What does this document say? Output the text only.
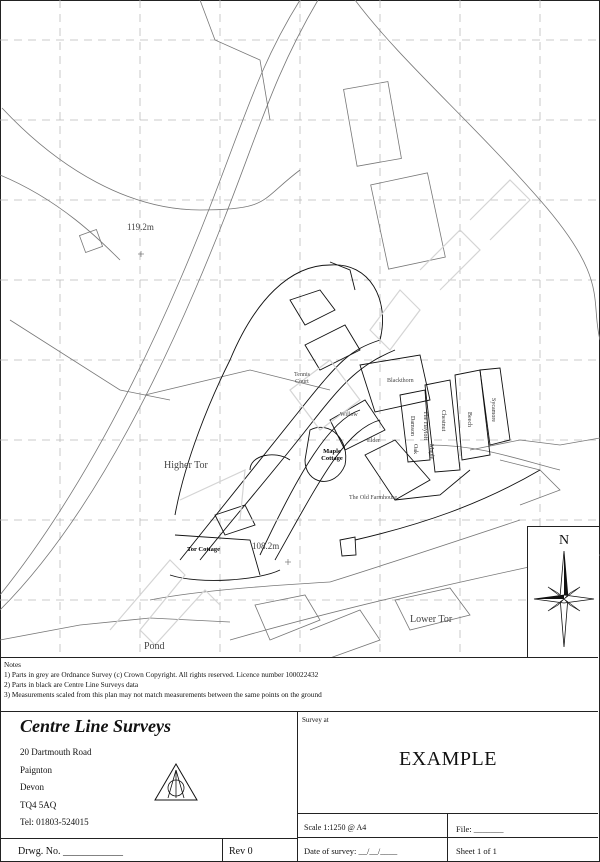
119.2m
108.2m
Higher Tor
Lower Tor
Pond
Tennis Court	Blackthorn
Willow
Elder
Maple Cottage
The Old Farmhouse
Tor Cottage
The Hayloft
Oak Maple
Damson	Chestnut	Beech	Sycamore
N
Notes
1) Parts in grey are Ordnance Survey (c) Crown Copyright. All rights reserved. Licence number 100022432
2) Parts in black are Centre Line Surveys data
3) Measurements scaled from this plan may not match measurements between the same points on the ground
Centre Line Surveys
20 Dartmouth Road
Paignton
Devon
TQ4 5AQ
Tel: 01803-524015
Survey at
EXAMPLE
Scale 1:1250 @ A4	File: _______
Drwg. No. ____________	Rev 0	Date of survey: __/__/____	Sheet 1 of 1
